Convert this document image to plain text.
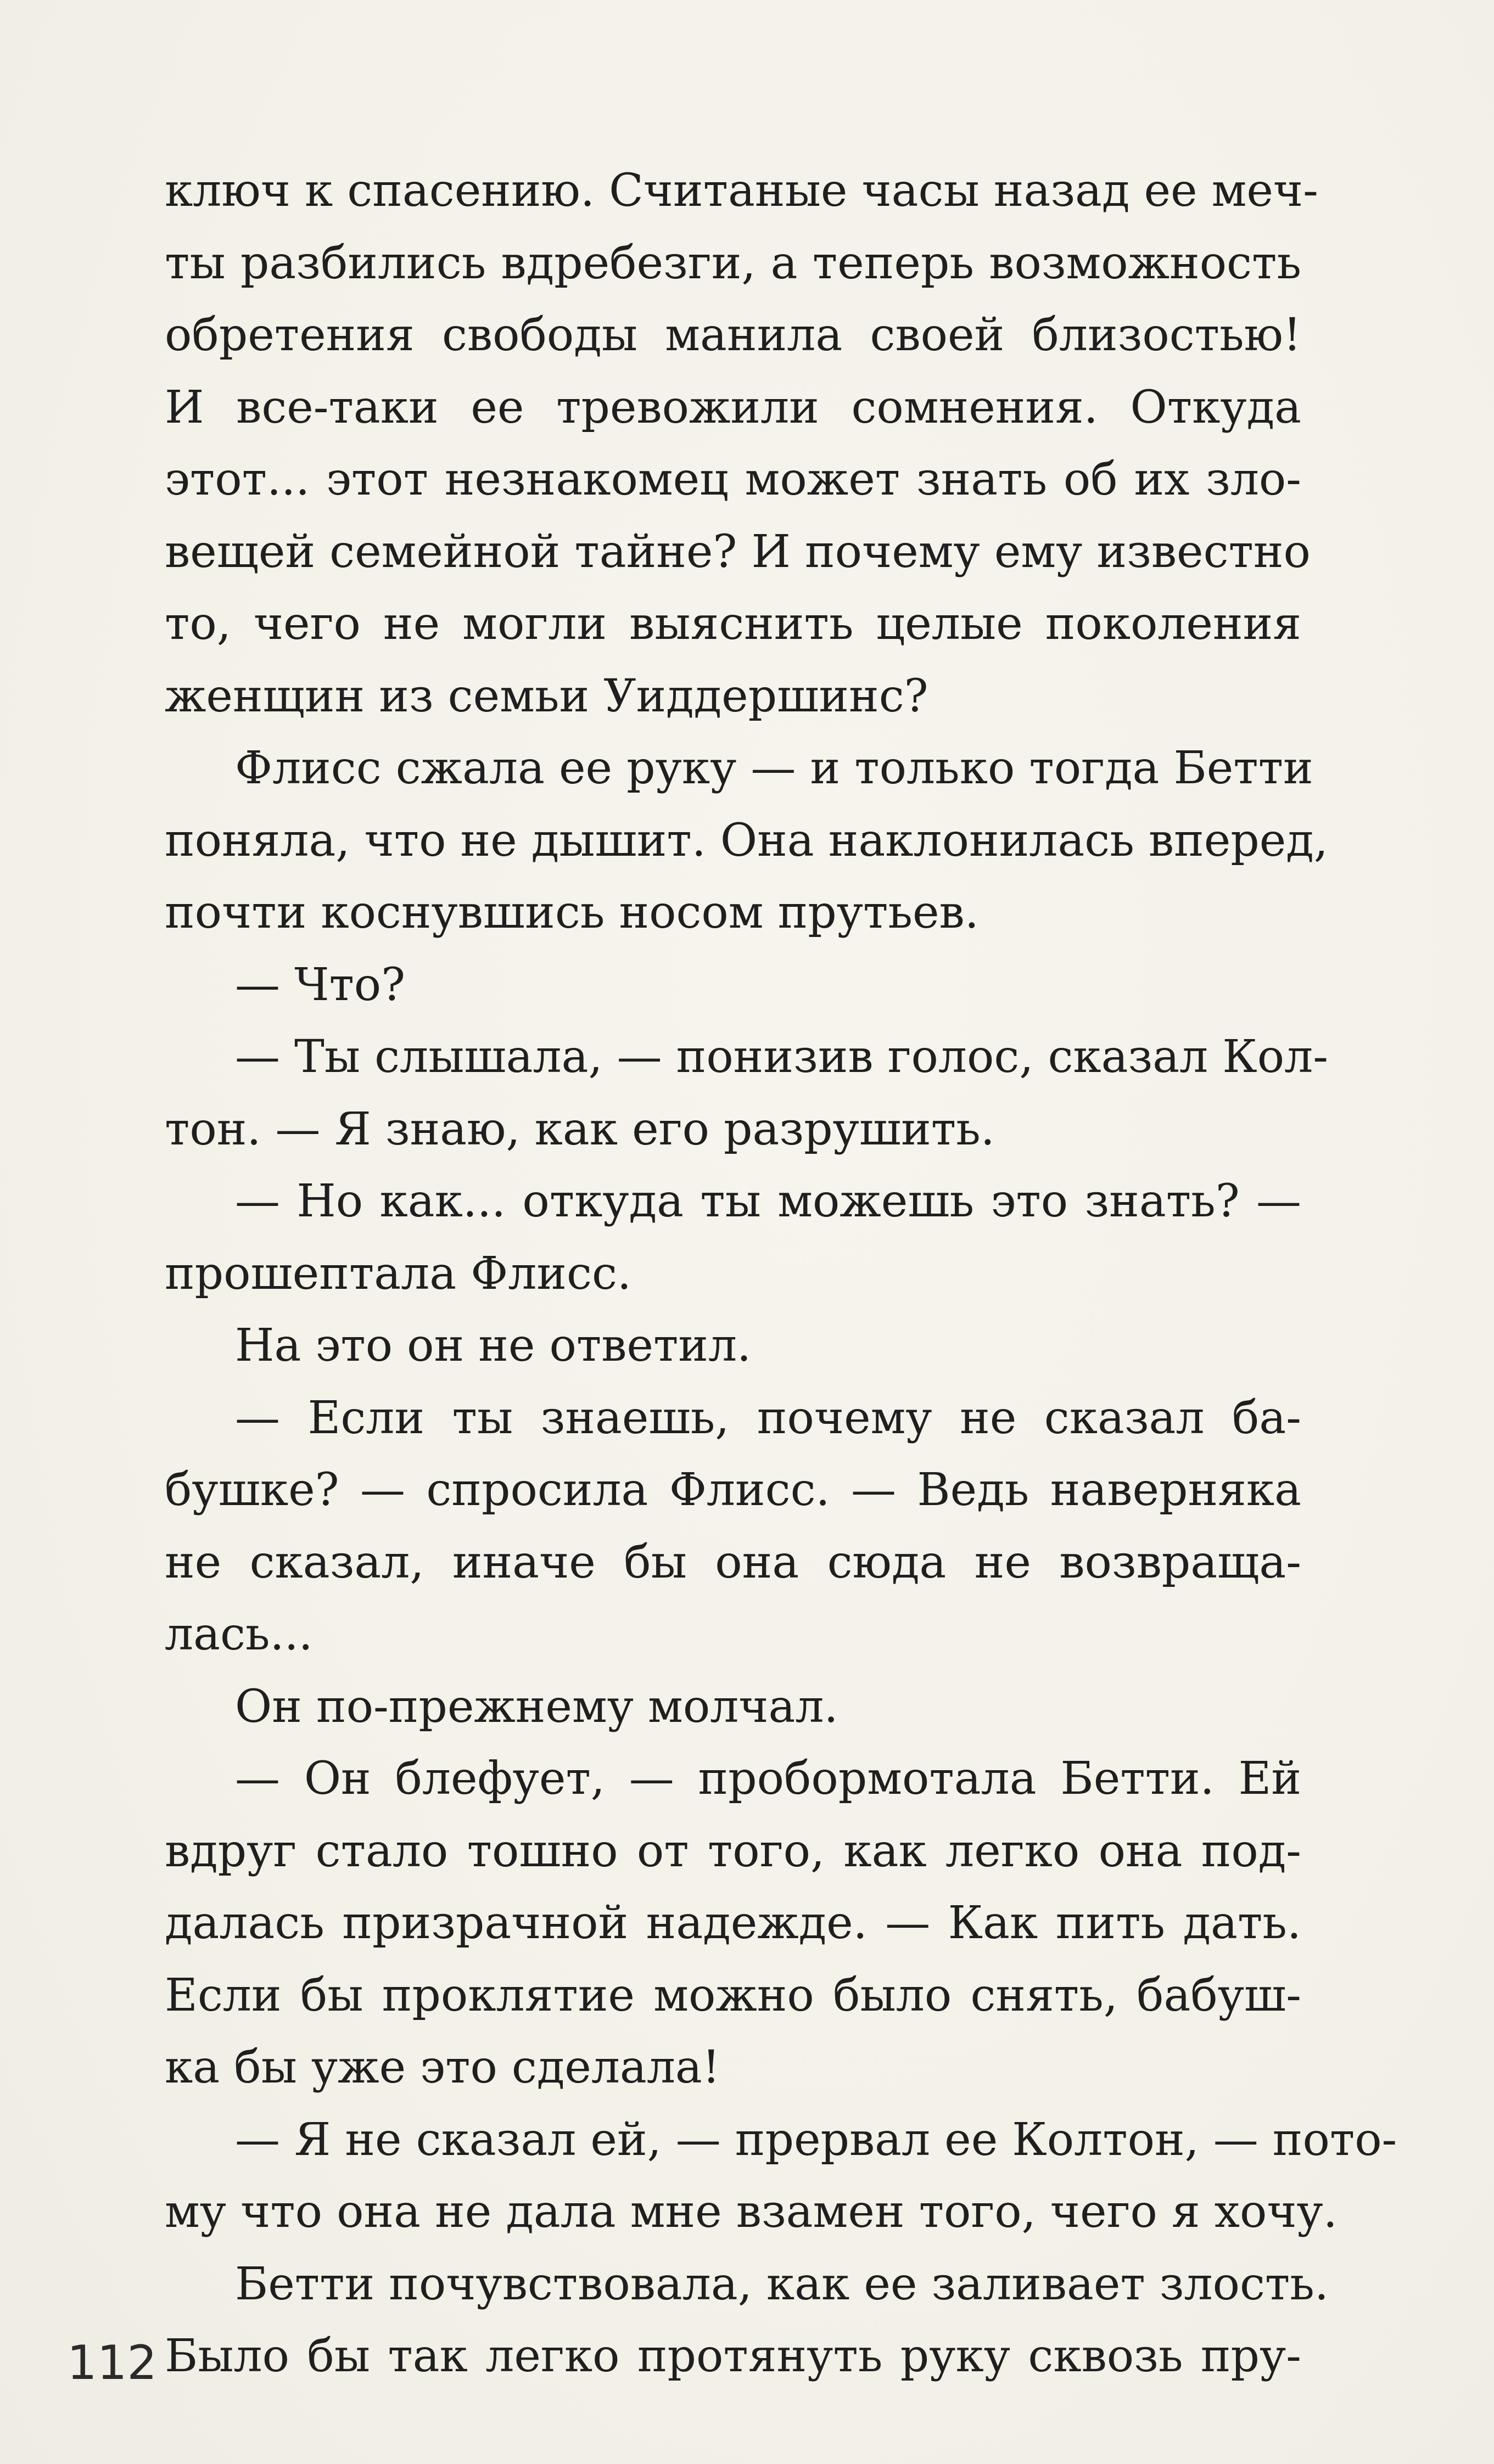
ключ к спасению. Считаные часы назад ее меч-
ты разбились вдребезги, а теперь возможность
обретения свободы манила своей близостью!
И все-таки ее тревожили сомнения. Откуда
этот... этот незнакомец может знать об их зло-
вещей семейной тайне? И почему ему известно
то, чего не могли выяснить целые поколения
женщин из семьи Уиддершинс?
Флисс сжала ее руку — и только тогда Бетти
поняла, что не дышит. Она наклонилась вперед,
почти коснувшись носом прутьев.
— Что?
— Ты слышала, — понизив голос, сказал Кол-
тон. — Я знаю, как его разрушить.
— Но как... откуда ты можешь это знать? —
прошептала Флисс.
На это он не ответил.
— Если ты знаешь, почему не сказал ба-
бушке? — спросила Флисс. — Ведь наверняка
не сказал, иначе бы она сюда не возвраща-
лась...
Он по-прежнему молчал.
— Он блефует, — пробормотала Бетти. Ей
вдруг стало тошно от того, как легко она под-
далась призрачной надежде. — Как пить дать.
Если бы проклятие можно было снять, бабуш-
ка бы уже это сделала!
— Я не сказал ей, — прервал ее Колтон, — пото-
му что она не дала мне взамен того, чего я хочу.
Бетти почувствовала, как ее заливает злость.
Было бы так легко протянуть руку сквозь пру-
112
